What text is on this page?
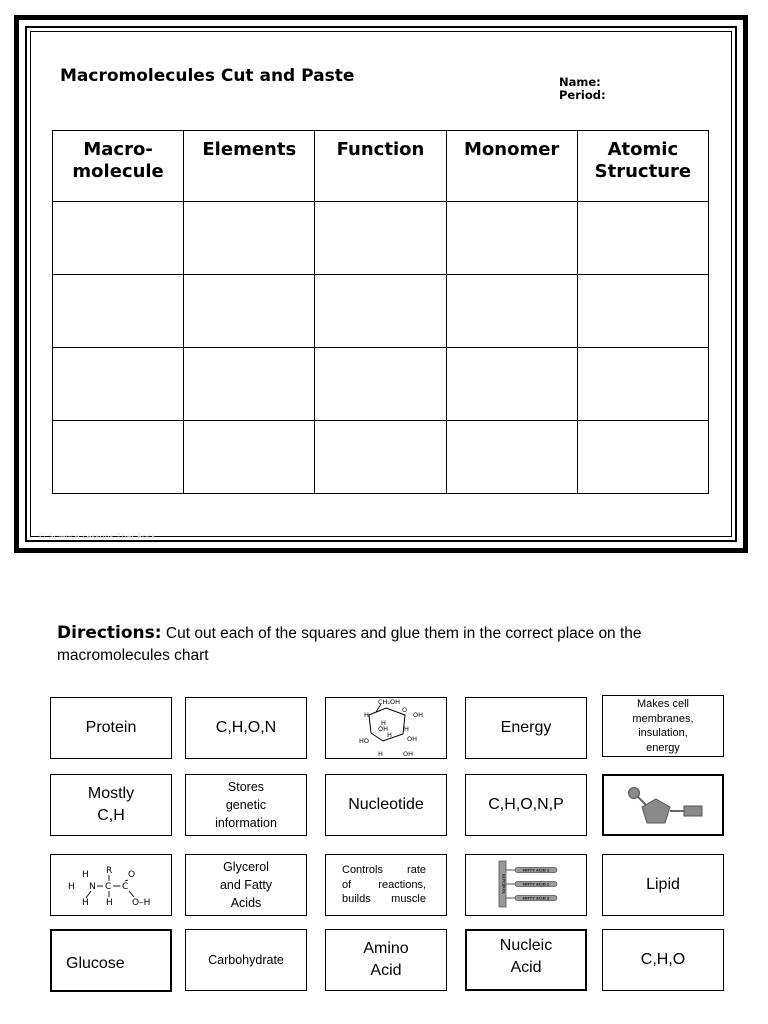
Macromolecules Cut and Paste	Name:
Period:
© Science Lessons That Rock
Macro-
molecule	Elements	Function	Monomer	Atomic
Structure

Directions: Cut out each of the squares and glue them in the correct place on the macromolecules chart
Protein	C,H,O,N
CH₂OH
H
O
OH
H
OH H
HO
H OH
H	OH
Energy
Makes cell
membranes,
insulation,
energy
Mostly
C,H
Stores
genetic
information
Nucleotide	C,H,O,N,P
H R O
H N C C
H H O–H
Glycerol
and Fatty
Acids
Controls rate
of reactions,
builds muscle
GLYCEROL
FATTY ACID 1
FATTY ACID 2
FATTY ACID 3
Lipid
Glucose	Carbohydrate
Amino
Acid
Nucleic
Acid	C,H,O
